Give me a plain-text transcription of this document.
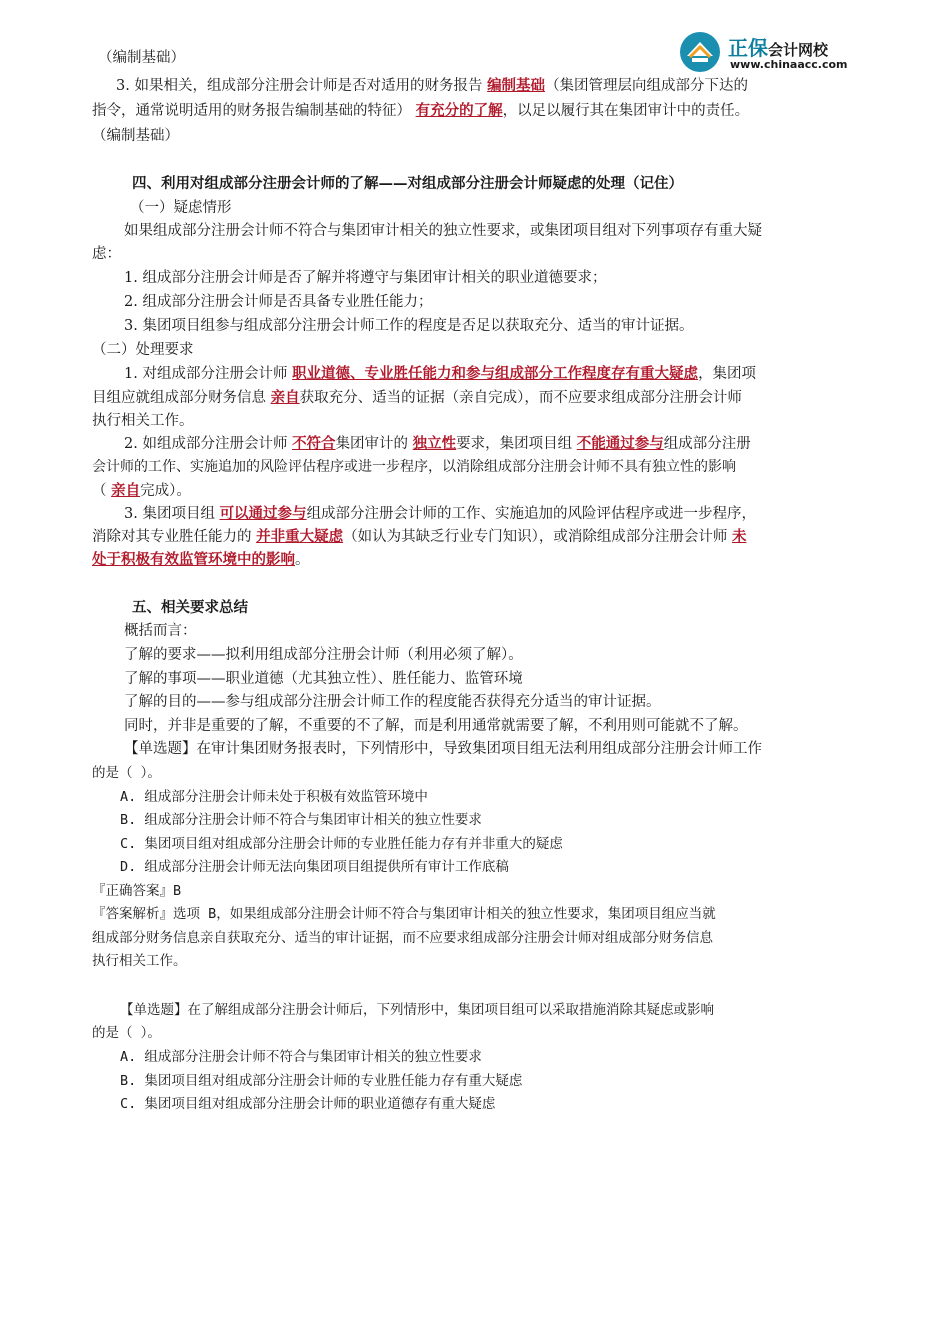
正保会计网校
www.chinaacc.com
（编制基础）
3. 如果相关，组成部分注册会计师是否对适用的财务报告 编制基础（集团管理层向组成部分下达的
指令，通常说明适用的财务报告编制基础的特征） 有充分的了解，以足以履行其在集团审计中的责任。
（编制基础）
四、利用对组成部分注册会计师的了解——对组成部分注册会计师疑虑的处理（记住）
（一）疑虑情形
如果组成部分注册会计师不符合与集团审计相关的独立性要求，或集团项目组对下列事项存有重大疑
虑：
1. 组成部分注册会计师是否了解并将遵守与集团审计相关的职业道德要求；
2. 组成部分注册会计师是否具备专业胜任能力；
3. 集团项目组参与组成部分注册会计师工作的程度是否足以获取充分、适当的审计证据。
（二）处理要求
1. 对组成部分注册会计师 职业道德、专业胜任能力和参与组成部分工作程度存有重大疑虑，集团项
目组应就组成部分财务信息 亲自获取充分、适当的证据（亲自完成），而不应要求组成部分注册会计师
执行相关工作。
2. 如组成部分注册会计师 不符合集团审计的 独立性要求，集团项目组 不能通过参与组成部分注册
会计师的工作、实施追加的风险评估程序或进一步程序，以消除组成部分注册会计师不具有独立性的影响
（ 亲自完成）。
3. 集团项目组 可以通过参与组成部分注册会计师的工作、实施追加的风险评估程序或进一步程序，
消除对其专业胜任能力的 并非重大疑虑（如认为其缺乏行业专门知识），或消除组成部分注册会计师 未
处于积极有效监管环境中的影响。
五、相关要求总结
概括而言：
了解的要求——拟利用组成部分注册会计师（利用必须了解）。
了解的事项——职业道德（尤其独立性）、胜任能力、监管环境
了解的目的——参与组成部分注册会计师工作的程度能否获得充分适当的审计证据。
同时，并非是重要的了解，不重要的不了解，而是利用通常就需要了解，不利用则可能就不了解。
【单选题】在审计集团财务报表时，下列情形中，导致集团项目组无法利用组成部分注册会计师工作
的是（ ）。
A. 组成部分注册会计师未处于积极有效监管环境中
B. 组成部分注册会计师不符合与集团审计相关的独立性要求
C. 集团项目组对组成部分注册会计师的专业胜任能力存有并非重大的疑虑
D. 组成部分注册会计师无法向集团项目组提供所有审计工作底稿
『正确答案』B
『答案解析』选项 B，如果组成部分注册会计师不符合与集团审计相关的独立性要求，集团项目组应当就
组成部分财务信息亲自获取充分、适当的审计证据，而不应要求组成部分注册会计师对组成部分财务信息
执行相关工作。
【单选题】在了解组成部分注册会计师后，下列情形中，集团项目组可以采取措施消除其疑虑或影响
的是（ ）。
A. 组成部分注册会计师不符合与集团审计相关的独立性要求
B. 集团项目组对组成部分注册会计师的专业胜任能力存有重大疑虑
C. 集团项目组对组成部分注册会计师的职业道德存有重大疑虑
